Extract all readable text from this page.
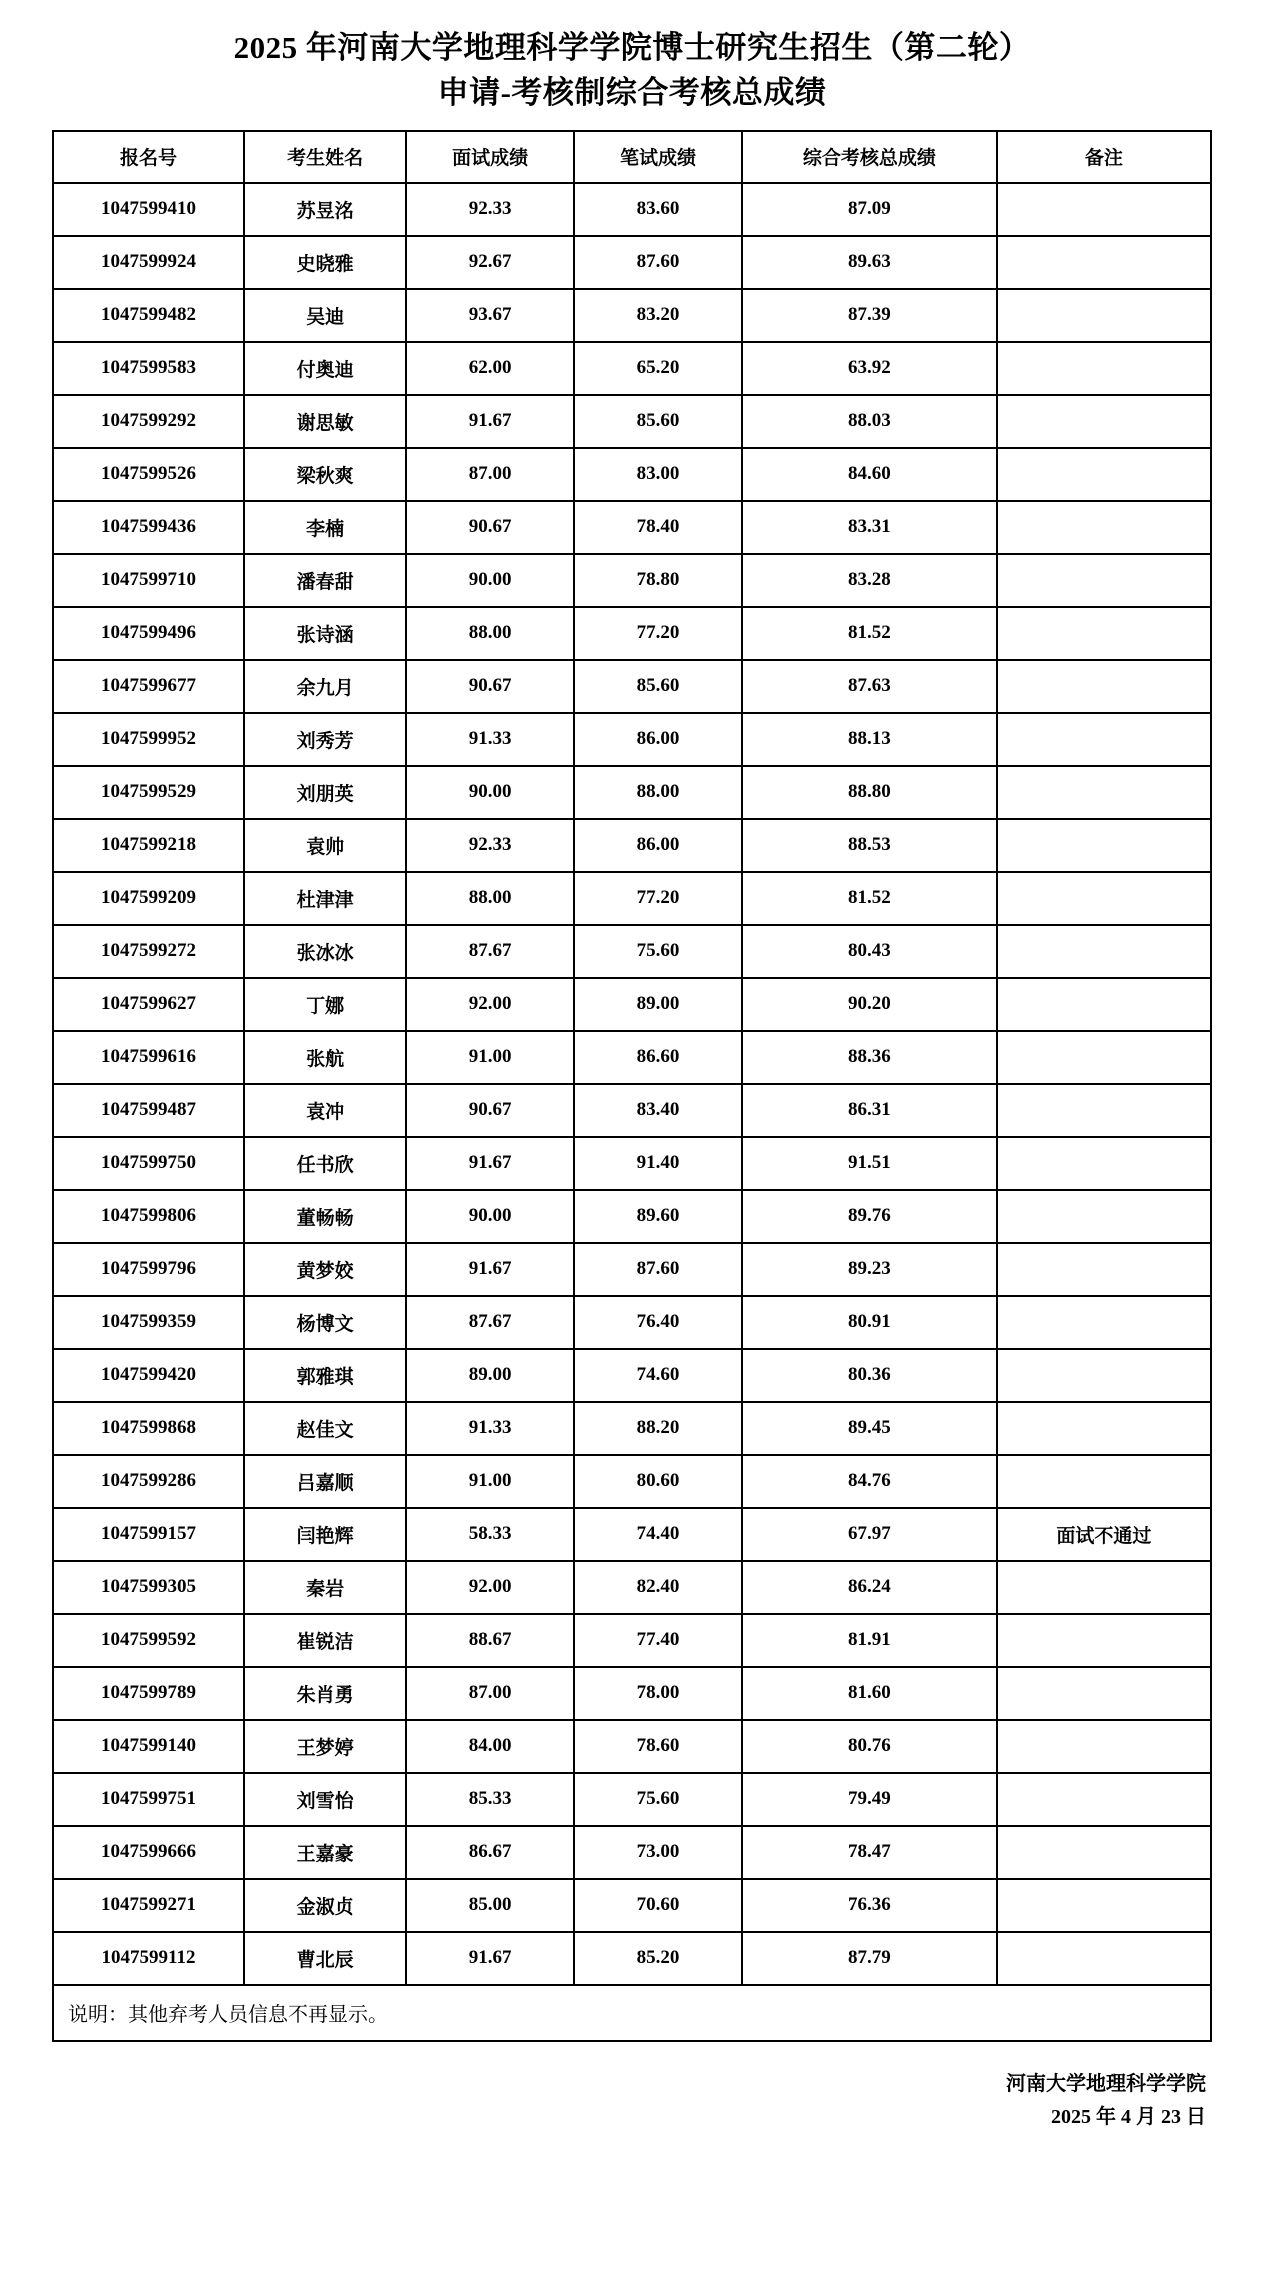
2025 年河南大学地理科学学院博士研究生招生（第二轮）
申请-考核制综合考核总成绩
报名号	考生姓名	面试成绩	笔试成绩	综合考核总成绩	备注
1047599410	苏昱洺	92.33	83.60	87.09	
1047599924	史晓雅	92.67	87.60	89.63	
1047599482	吴迪	93.67	83.20	87.39	
1047599583	付奥迪	62.00	65.20	63.92	
1047599292	谢思敏	91.67	85.60	88.03	
1047599526	梁秋爽	87.00	83.00	84.60	
1047599436	李楠	90.67	78.40	83.31	
1047599710	潘春甜	90.00	78.80	83.28	
1047599496	张诗涵	88.00	77.20	81.52	
1047599677	余九月	90.67	85.60	87.63	
1047599952	刘秀芳	91.33	86.00	88.13	
1047599529	刘朋英	90.00	88.00	88.80	
1047599218	袁帅	92.33	86.00	88.53	
1047599209	杜津津	88.00	77.20	81.52	
1047599272	张冰冰	87.67	75.60	80.43	
1047599627	丁娜	92.00	89.00	90.20	
1047599616	张航	91.00	86.60	88.36	
1047599487	袁冲	90.67	83.40	86.31	
1047599750	任书欣	91.67	91.40	91.51	
1047599806	董畅畅	90.00	89.60	89.76	
1047599796	黄梦姣	91.67	87.60	89.23	
1047599359	杨博文	87.67	76.40	80.91	
1047599420	郭雅琪	89.00	74.60	80.36	
1047599868	赵佳文	91.33	88.20	89.45	
1047599286	吕嘉顺	91.00	80.60	84.76	
1047599157	闫艳辉	58.33	74.40	67.97	面试不通过
1047599305	秦岩	92.00	82.40	86.24	
1047599592	崔锐洁	88.67	77.40	81.91	
1047599789	朱肖勇	87.00	78.00	81.60	
1047599140	王梦婷	84.00	78.60	80.76	
1047599751	刘雪怡	85.33	75.60	79.49	
1047599666	王嘉豪	86.67	73.00	78.47	
1047599271	金淑贞	85.00	70.60	76.36	
1047599112	曹北辰	91.67	85.20	87.79	
说明：其他弃考人员信息不再显示。					
河南大学地理科学学院
2025 年 4 月 23 日
